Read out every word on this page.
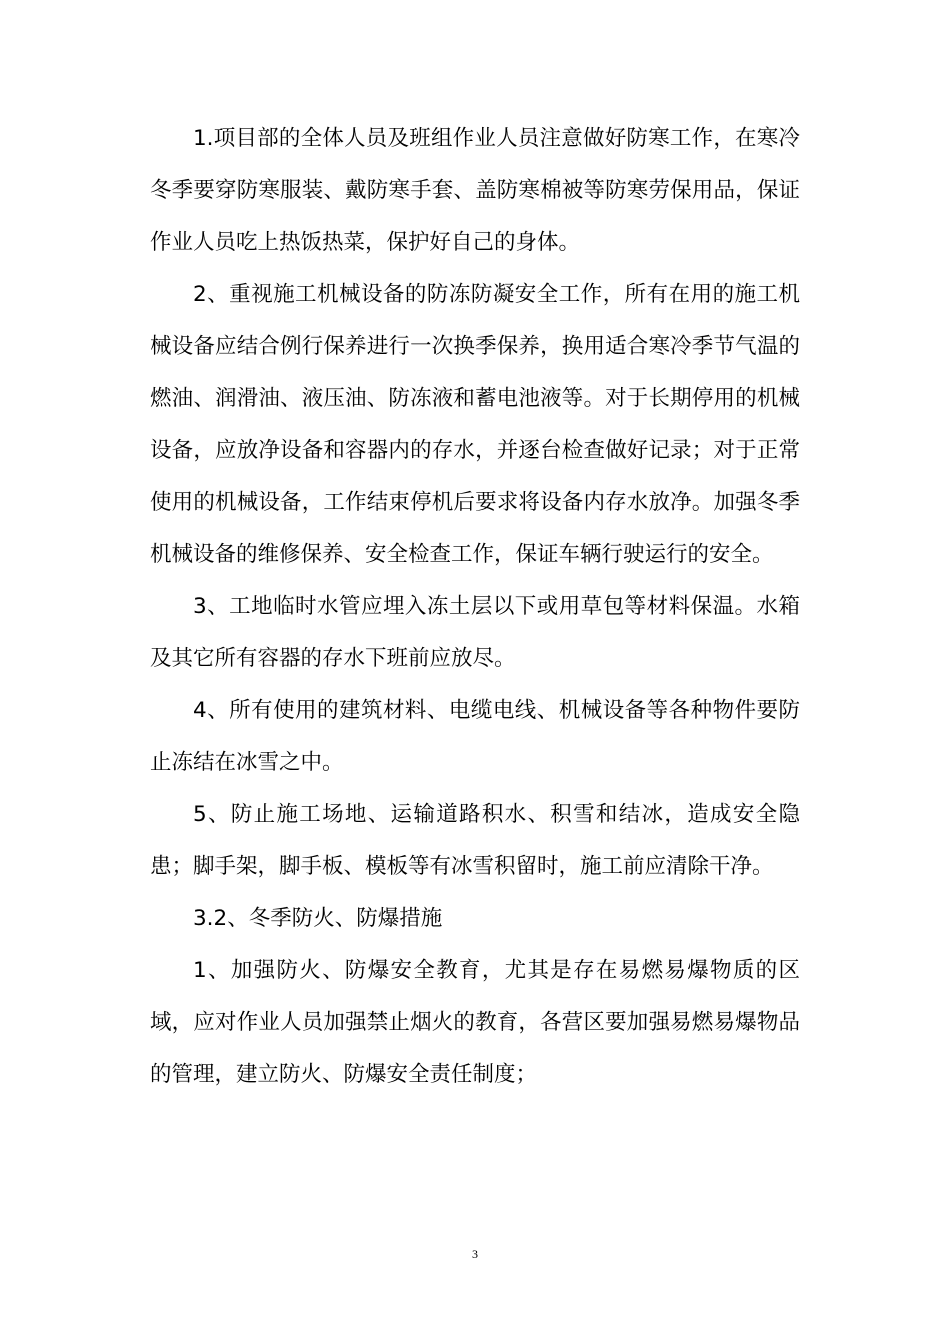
1.项目部的全体人员及班组作业人员注意做好防寒工作，在寒冷冬季要穿防寒服装、戴防寒手套、盖防寒棉被等防寒劳保用品，保证作业人员吃上热饭热菜，保护好自己的身体。

2、重视施工机械设备的防冻防凝安全工作，所有在用的施工机械设备应结合例行保养进行一次换季保养，换用适合寒冷季节气温的燃油、润滑油、液压油、防冻液和蓄电池液等。对于长期停用的机械设备，应放净设备和容器内的存水，并逐台检查做好记录；对于正常使用的机械设备，工作结束停机后要求将设备内存水放净。加强冬季机械设备的维修保养、安全检查工作，保证车辆行驶运行的安全。

3、工地临时水管应埋入冻土层以下或用草包等材料保温。水箱及其它所有容器的存水下班前应放尽。

4、所有使用的建筑材料、电缆电线、机械设备等各种物件要防止冻结在冰雪之中。

5、防止施工场地、运输道路积水、积雪和结冰，造成安全隐患；脚手架，脚手板、模板等有冰雪积留时，施工前应清除干净。

3.2、冬季防火、防爆措施

1、加强防火、防爆安全教育，尤其是存在易燃易爆物质的区域，应对作业人员加强禁止烟火的教育，各营区要加强易燃易爆物品的管理，建立防火、防爆安全责任制度；

3
